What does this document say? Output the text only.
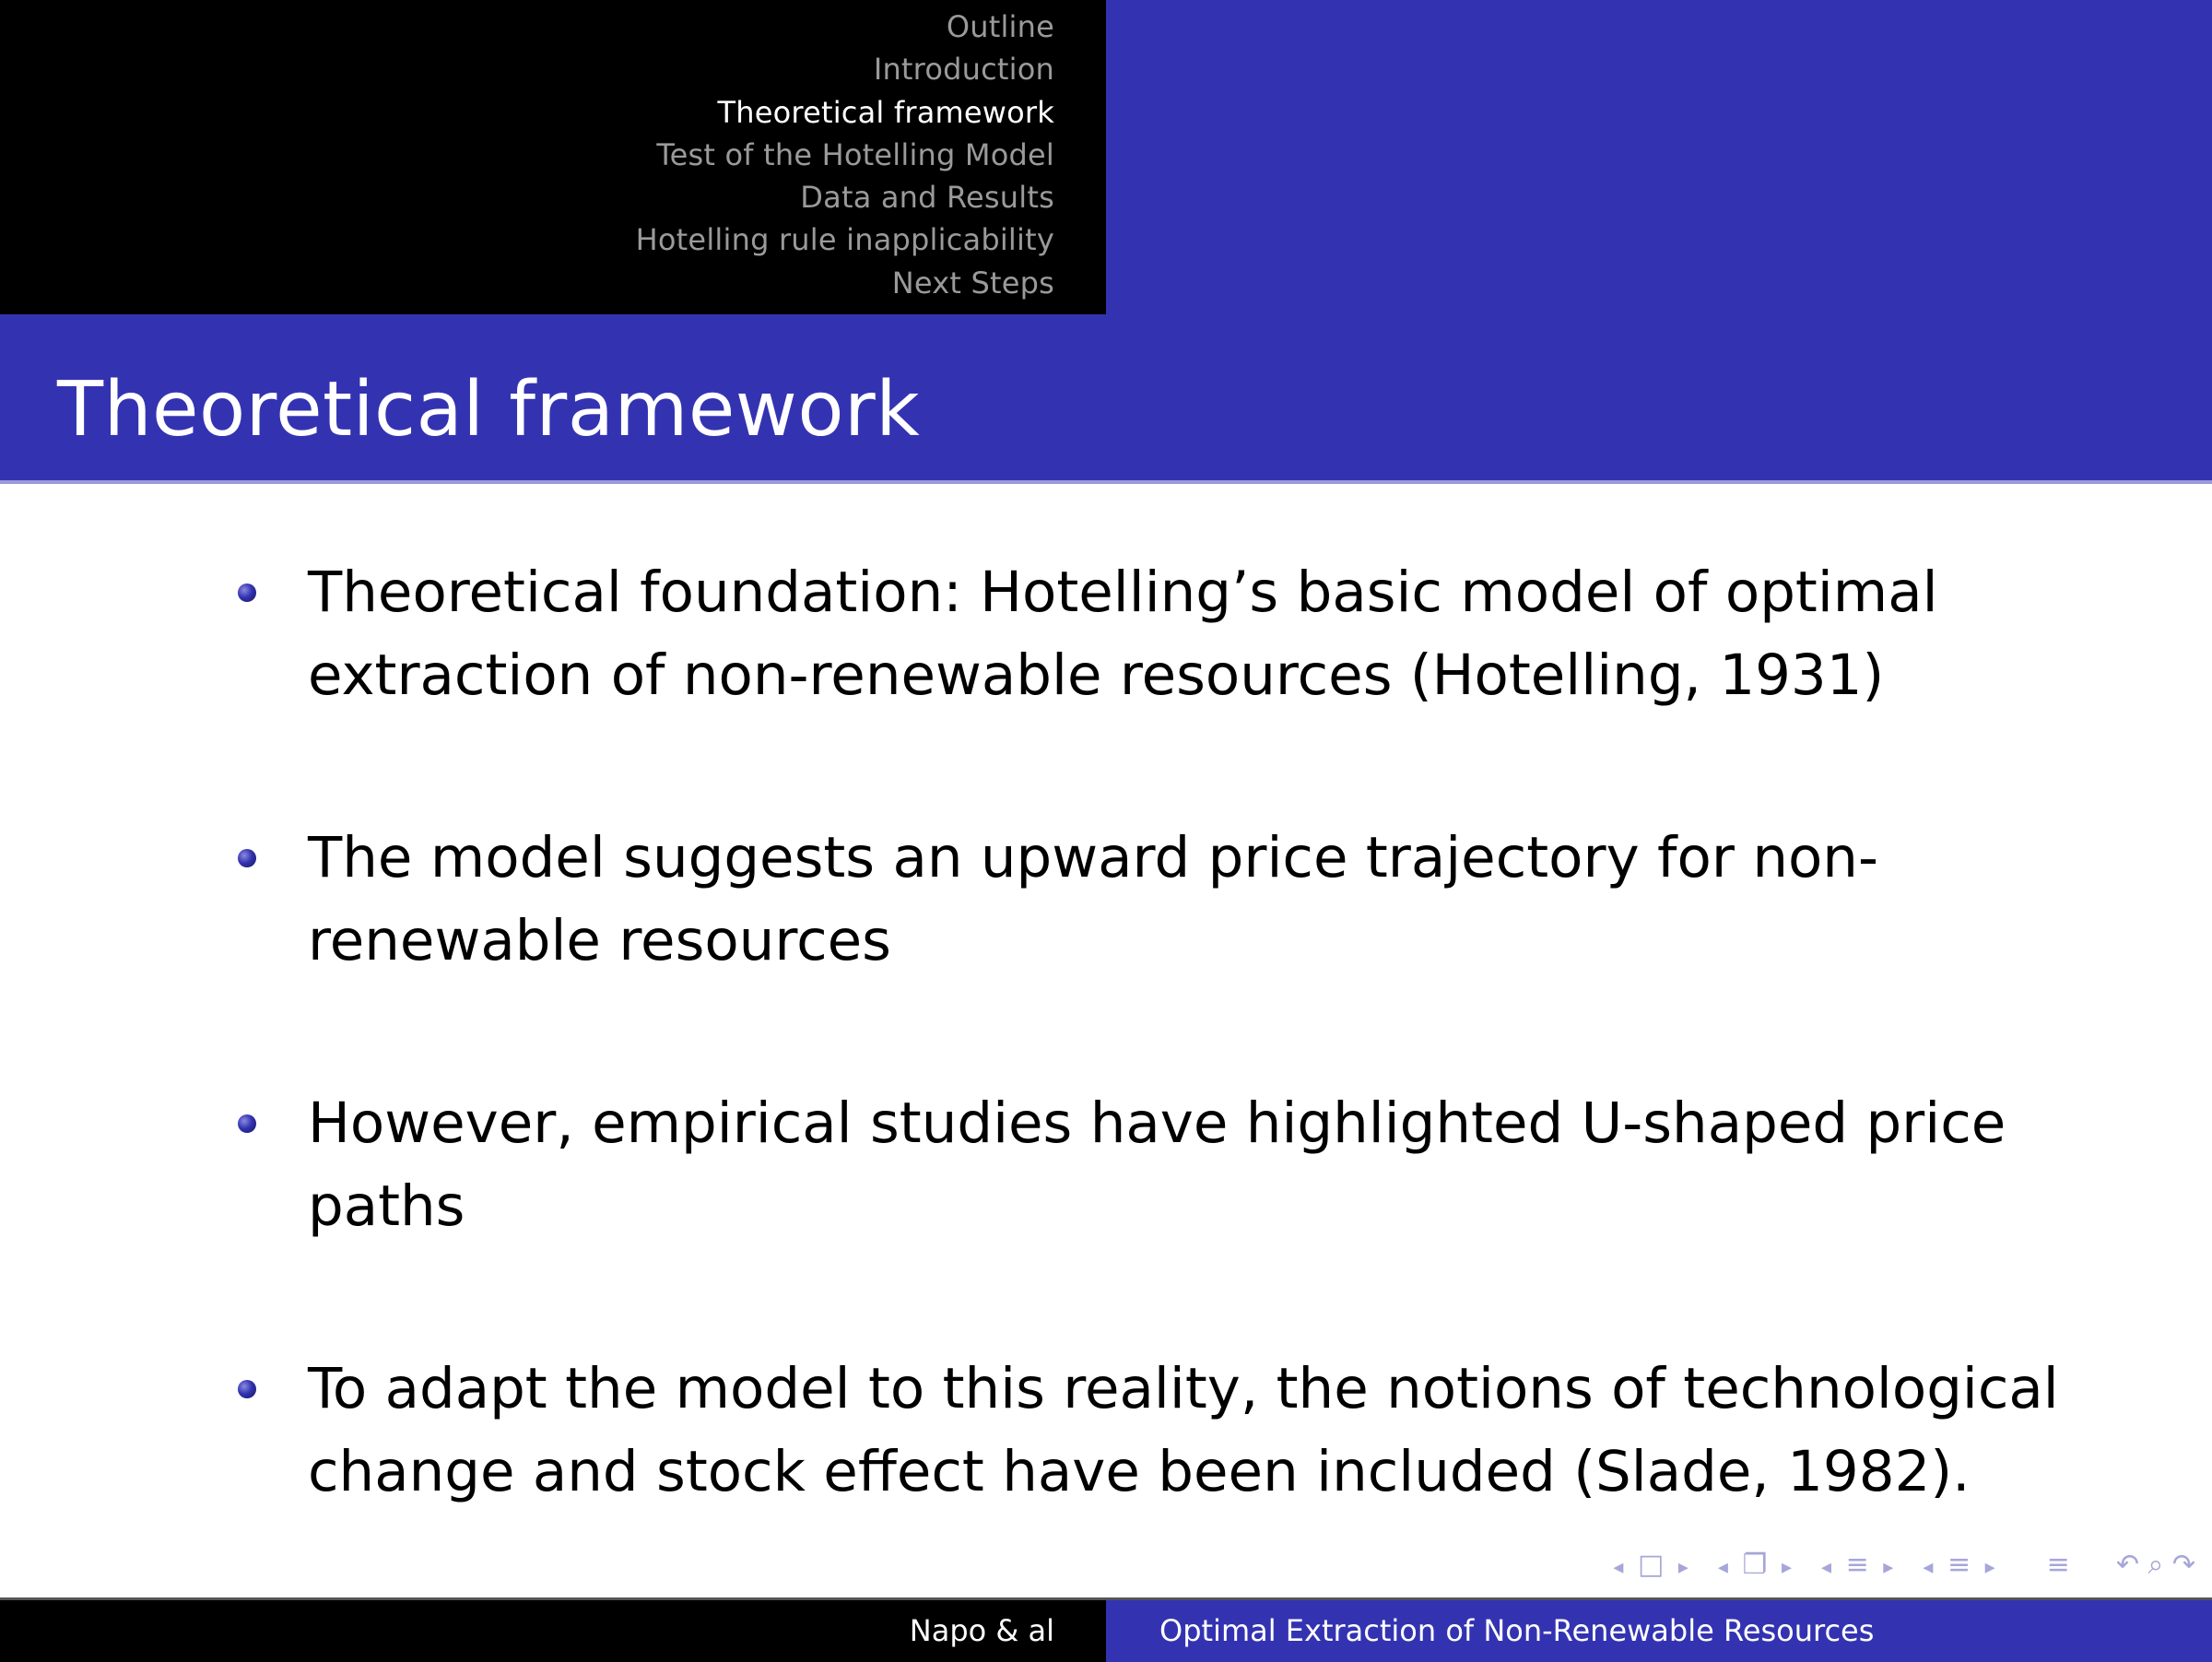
Outline
Introduction
Theoretical framework
Test of the Hotelling Model
Data and Results
Hotelling rule inapplicability
Next Steps
Theoretical framework
Theoretical foundation: Hotelling’s basic model of optimal extraction of non-renewable resources (Hotelling, 1931)
The model suggests an upward price trajectory for non-renewable resources
However, empirical studies have highlighted U-shaped price paths
To adapt the model to this reality, the notions of technological change and stock effect have been included (Slade, 1982).
◂ □ ▸ ◂ ❐ ▸ ◂ ≡ ▸ ◂ ≡ ▸ ≡ ↶ ⌕ ↷
Napo & al	Optimal Extraction of Non-Renewable Resources
